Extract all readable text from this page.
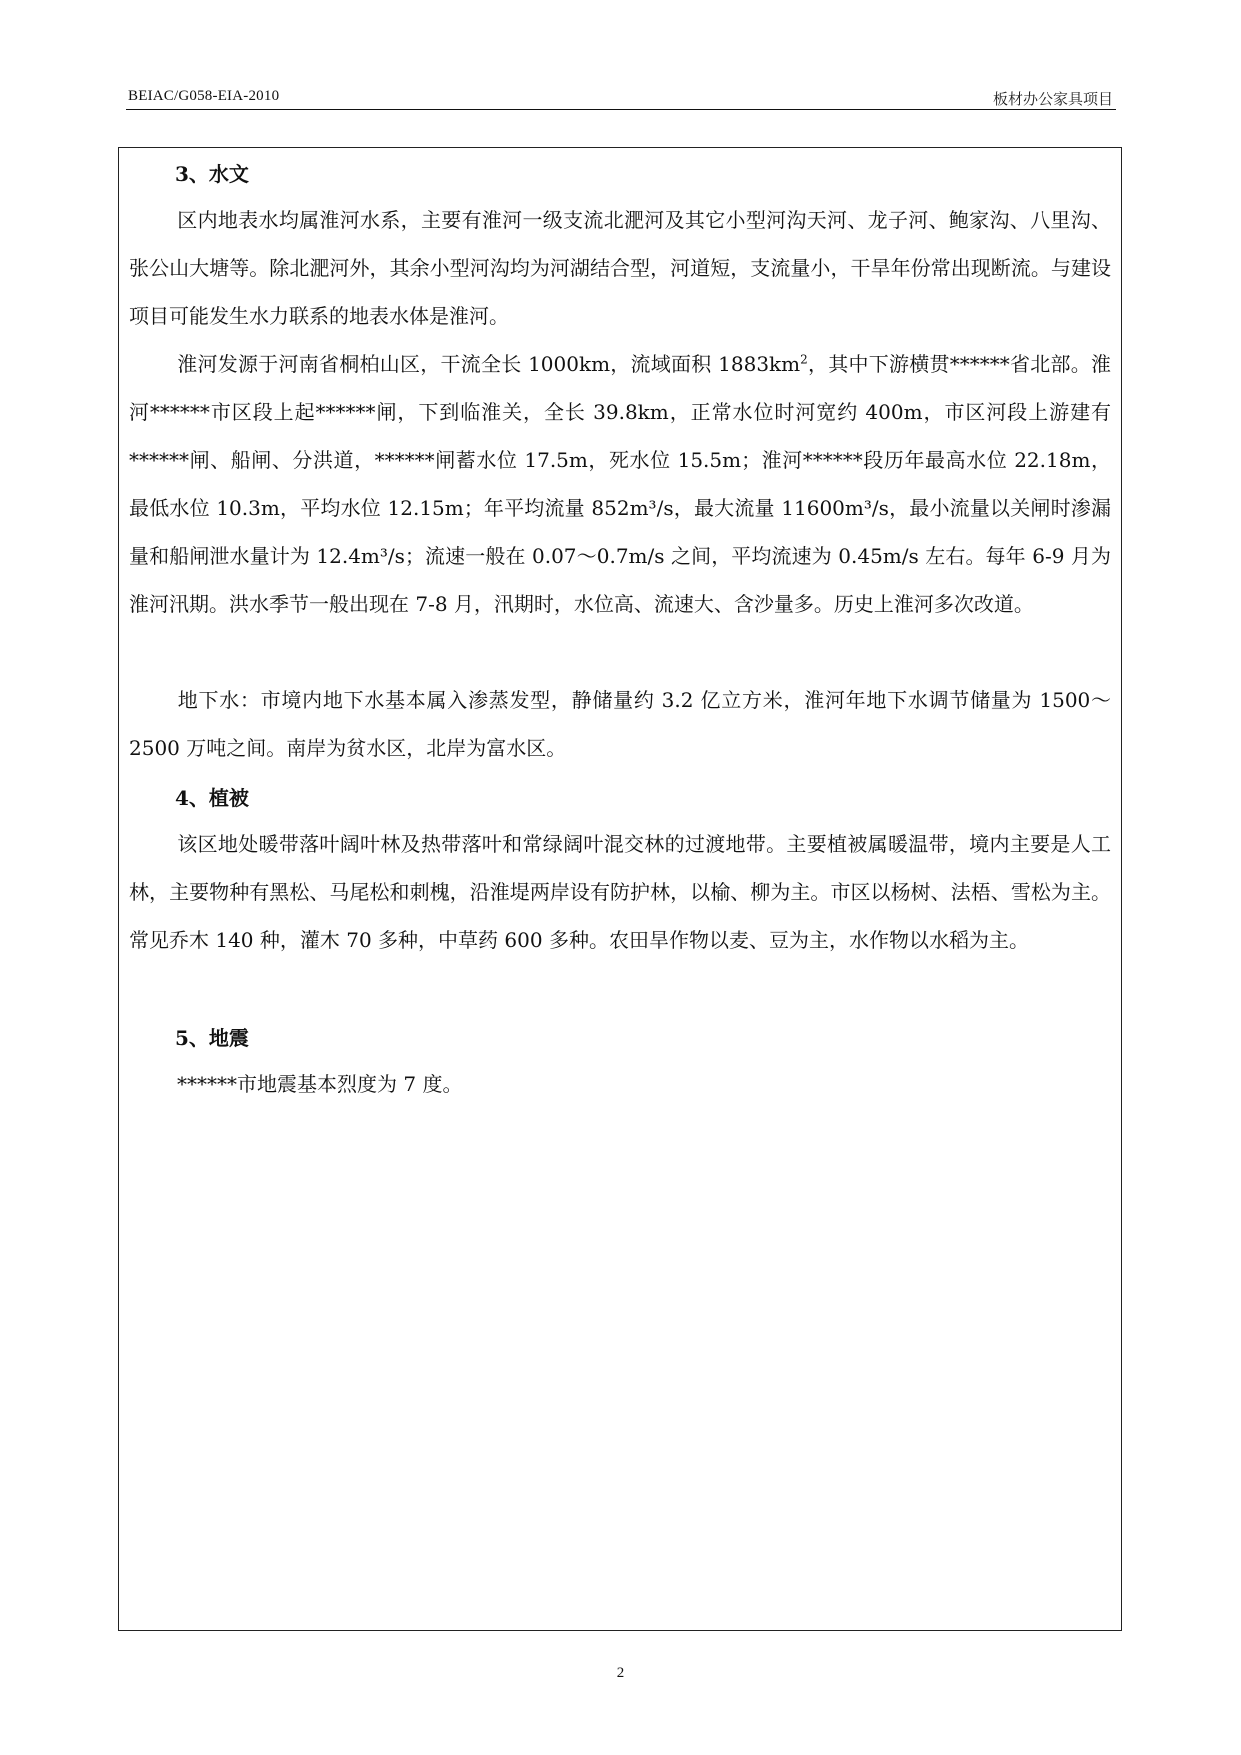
BEIAC/G058-EIA-2010	板材办公家具项目
3、水文
区内地表水均属淮河水系，主要有淮河一级支流北淝河及其它小型河沟天河、龙子河、鲍家沟、八里沟、张公山大塘等。除北淝河外，其余小型河沟均为河湖结合型，河道短，支流量小，干旱年份常出现断流。与建设项目可能发生水力联系的地表水体是淮河。
淮河发源于河南省桐柏山区，干流全长 1000km，流域面积 $1883km^2$，其中下游横贯******省北部。淮河******市区段上起******闸，下到临淮关，全长 39.8km，正常水位时河宽约 400m，市区河段上游建有******闸、船闸、分洪道，******闸蓄水位 17.5m，死水位 15.5m；淮河******段历年最高水位 22.18m，最低水位 10.3m，平均水位 12.15m；年平均流量 852m³/s，最大流量 11600m³/s，最小流量以关闸时渗漏量和船闸泄水量计为 12.4m³/s；流速一般在 0.07～0.7m/s 之间，平均流速为 0.45m/s 左右。每年 6-9 月为淮河汛期。洪水季节一般出现在 7-8 月，汛期时，水位高、流速大、含沙量多。历史上淮河多次改道。
地下水：市境内地下水基本属入渗蒸发型，静储量约 3.2 亿立方米，淮河年地下水调节储量为 1500～2500 万吨之间。南岸为贫水区，北岸为富水区。
4、植被
该区地处暖带落叶阔叶林及热带落叶和常绿阔叶混交林的过渡地带。主要植被属暖温带，境内主要是人工林，主要物种有黑松、马尾松和刺槐，沿淮堤两岸设有防护林，以榆、柳为主。市区以杨树、法梧、雪松为主。常见乔木 140 种，灌木 70 多种，中草药 600 多种。农田旱作物以麦、豆为主，水作物以水稻为主。
5、地震
******市地震基本烈度为 7 度。
2
